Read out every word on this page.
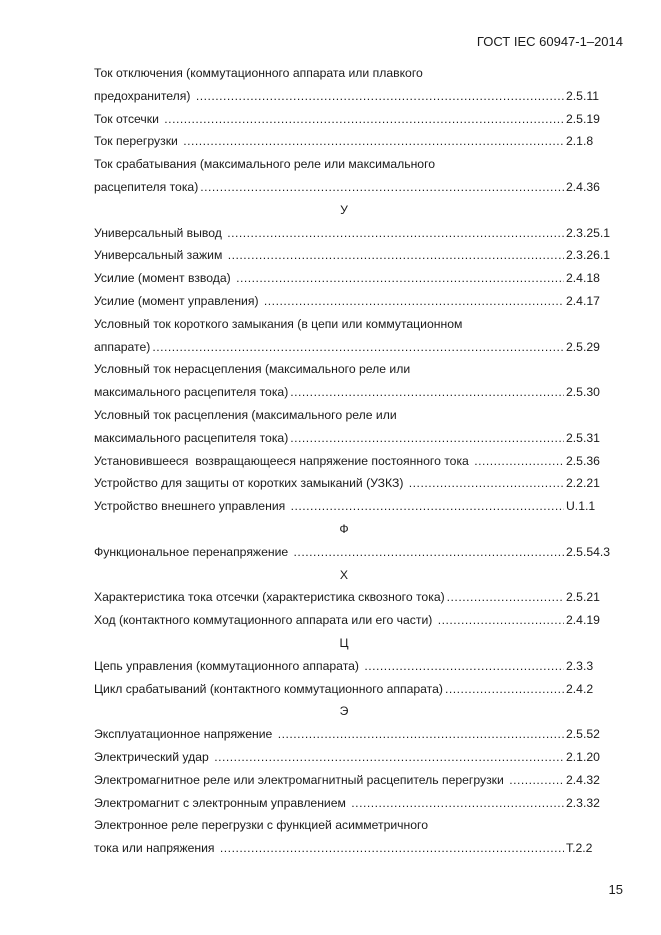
ГОСТ IEC 60947-1–2014
Ток отключения (коммутационного аппарата или плавкого
предохранителя) .....	2.5.11
Ток отсечки .....	2.5.19
Ток перегрузки .....	2.1.8
Ток срабатывания (максимального реле или максимального
расцепителя тока) .....	2.4.36
У
Универсальный вывод .....	2.3.25.1
Универсальный зажим .....	2.3.26.1
Усилие (момент взвода) .....	2.4.18
Усилие (момент управления) .....	2.4.17
Условный ток короткого замыкания (в цепи или коммутационном
аппарате) .....	2.5.29
Условный ток нерасцепления (максимального реле или
максимального расцепителя тока) .....	2.5.30
Условный ток расцепления (максимального реле или
максимального расцепителя тока) .....	2.5.31
Установившееся  возвращающееся напряжение постоянного тока .....	2.5.36
Устройство для защиты от коротких замыканий (УЗКЗ) .....	2.2.21
Устройство внешнего управления .....	U.1.1
Ф
Функциональное перенапряжение .....	2.5.54.3
Х
Характеристика тока отсечки (характеристика сквозного тока) .....	2.5.21
Ход (контактного коммутационного аппарата или его части) .....	2.4.19
Ц
Цепь управления (коммутационного аппарата) .....	2.3.3
Цикл срабатываний (контактного коммутационного аппарата) .....	2.4.2
Э
Эксплуатационное напряжение .....	2.5.52
Электрический удар .....	2.1.20
Электромагнитное реле или электромагнитный расцепитель перегрузки .....	2.4.32
Электромагнит с электронным управлением .....	2.3.32
Электронное реле перегрузки с функцией асимметричного
тока или напряжения .....	T.2.2
15
